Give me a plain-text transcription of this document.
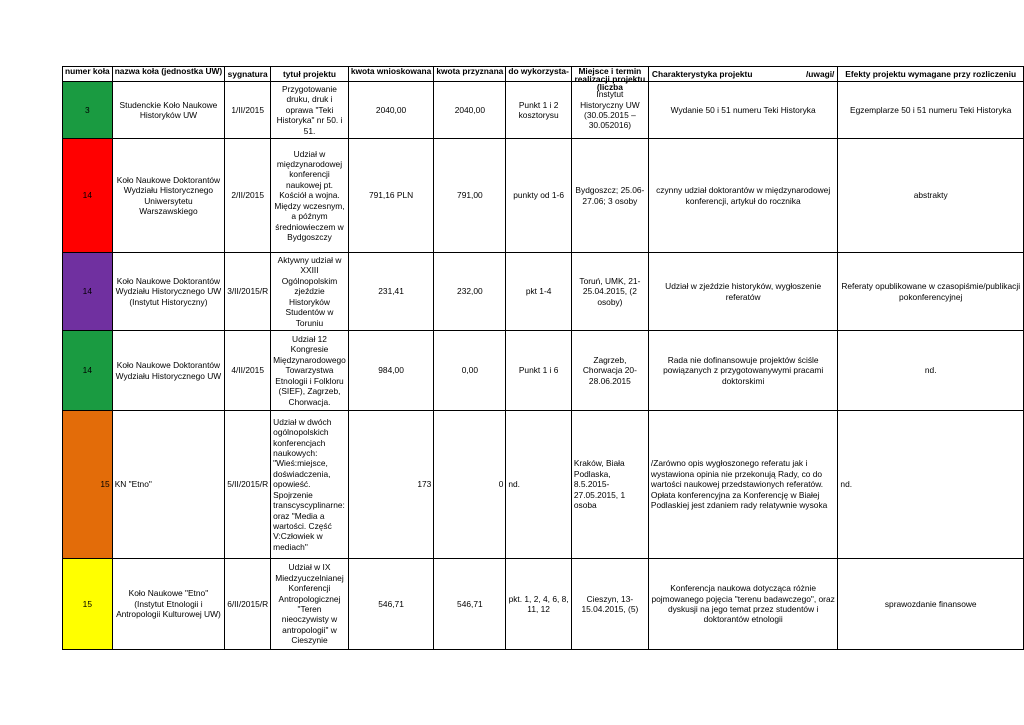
numer koła	nazwa koła (jednostka UW)	sygnatura	tytuł projektu	kwota wnioskowana	kwota przyznana	do wykorzysta-	Miejsce i termin realizacji projektu (liczba	Charakterystyka projektu                       /uwagi/	Efekty projektu wymagane przy rozliczeniu
3	Studenckie Koło Naukowe Historyków UW	1/II/2015	Przygotowanie druku, druk i oprawa "Teki Historyka" nr 50. i 51.	2040,00	2040,00	Punkt 1 i 2 kosztorysu	Instytut Historyczny UW (30.05.2015 – 30.052016)	Wydanie 50 i 51 numeru Teki Historyka	Egzemplarze 50 i 51 numeru Teki Historyka
14	Koło Naukowe Doktorantów Wydziału Historycznego Uniwersytetu Warszawskiego	2/II/2015	Udział w międzynarodowej konferencji naukowej pt. Kościół a wojna. Między wczesnym, a późnym średniowieczem w Bydgoszczy	791,16 PLN	791,00	punkty od 1-6	Bydgoszcz; 25.06-27.06; 3 osoby	czynny udział doktorantów w międzynarodowej konferencji, artykuł do rocznika	abstrakty
14	Koło Naukowe Doktorantów Wydziału Historycznego UW (Instytut Historyczny)	3/II/2015/R	Aktywny udział w XXIII Ogólnopolskim zjeździe Historyków Studentów w Toruniu	231,41	232,00	pkt 1-4	Toruń, UMK, 21-25.04.2015, (2 osoby)	Udział w zjeździe historyków, wygłoszenie referatów	Referaty opublikowane w czasopiśmie/publikacji pokonferencyjnej
14	Koło Naukowe Doktorantów Wydziału Historycznego UW	4/II/2015	Udział 12 Kongresie Międzynarodowego Towarzystwa Etnologii i Folkloru (SIEF), Zagrzeb, Chorwacja.	984,00	0,00	Punkt 1 i 6	Zagrzeb, Chorwacja 20-28.06.2015	Rada nie dofinansowuje projektów ściśle powiązanych z przygotowanywymi pracami doktorskimi	nd.
15	KN "Etno"	5/II/2015/R	Udział w dwóch ogólnopolskich konferencjach naukowych: "Wieś:miejsce, doświadczenia, opowieść. Spojrzenie transcyscyplinarne: oraz "Media a wartości. Część V:Człowiek w mediach"	173	0	nd.	Kraków, Biała Podlaska, 8.5.2015-27.05.2015, 1 osoba	/Zarówno opis wygłoszonego referatu jak i wystawiona opinia nie przekonują Rady, co do wartości naukowej przedstawionych referatów. Opłata konferencyjna za Konferencję w Białej Podlaskiej jest zdaniem rady relatywnie wysoka	nd.
15	Koło Naukowe "Etno" (Instytut Etnologii i Antropologii Kulturowej UW)	6/II/2015/R	Udział w IX Miedzyuczelnianej Konferencji Antropologicznej "Teren nieoczywisty w antropologii" w Cieszynie	546,71	546,71	pkt. 1, 2, 4, 6, 8, 11, 12	Cieszyn, 13-15.04.2015, (5)	Konferencja naukowa dotycząca różnie pojmowanego pojęcia "terenu badawczego", oraz dyskusji na jego temat przez studentów i doktorantów etnologii	sprawozdanie finansowe
